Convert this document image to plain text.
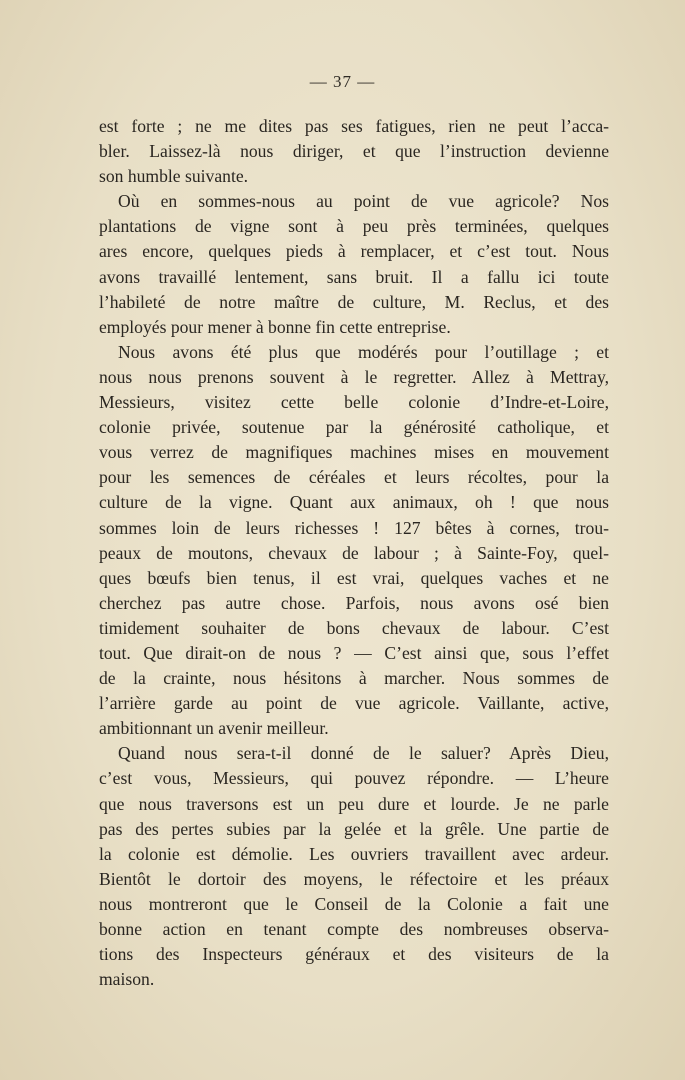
— 37 —
est forte ; ne me dites pas ses fatigues, rien ne peut l’acca-
bler. Laissez-là nous diriger, et que l’instruction devienne
son humble suivante.
Où en sommes-nous au point de vue agricole? Nos
plantations de vigne sont à peu près terminées, quelques
ares encore, quelques pieds à remplacer, et c’est tout. Nous
avons travaillé lentement, sans bruit. Il a fallu ici toute
l’habileté de notre maître de culture, M. Reclus, et des
employés pour mener à bonne fin cette entreprise.
Nous avons été plus que modérés pour l’outillage ; et
nous nous prenons souvent à le regretter. Allez à Mettray,
Messieurs, visitez cette belle colonie d’Indre-et-Loire,
colonie privée, soutenue par la générosité catholique, et
vous verrez de magnifiques machines mises en mouvement
pour les semences de céréales et leurs récoltes, pour la
culture de la vigne. Quant aux animaux, oh ! que nous
sommes loin de leurs richesses ! 127 bêtes à cornes, trou-
peaux de moutons, chevaux de labour ; à Sainte-Foy, quel-
ques bœufs bien tenus, il est vrai, quelques vaches et ne
cherchez pas autre chose. Parfois, nous avons osé bien
timidement souhaiter de bons chevaux de labour. C’est
tout. Que dirait-on de nous ? — C’est ainsi que, sous l’effet
de la crainte, nous hésitons à marcher. Nous sommes de
l’arrière garde au point de vue agricole. Vaillante, active,
ambitionnant un avenir meilleur.
Quand nous sera-t-il donné de le saluer? Après Dieu,
c’est vous, Messieurs, qui pouvez répondre. — L’heure
que nous traversons est un peu dure et lourde. Je ne parle
pas des pertes subies par la gelée et la grêle. Une partie de
la colonie est démolie. Les ouvriers travaillent avec ardeur.
Bientôt le dortoir des moyens, le réfectoire et les préaux
nous montreront que le Conseil de la Colonie a fait une
bonne action en tenant compte des nombreuses observa-
tions des Inspecteurs généraux et des visiteurs de la
maison.
